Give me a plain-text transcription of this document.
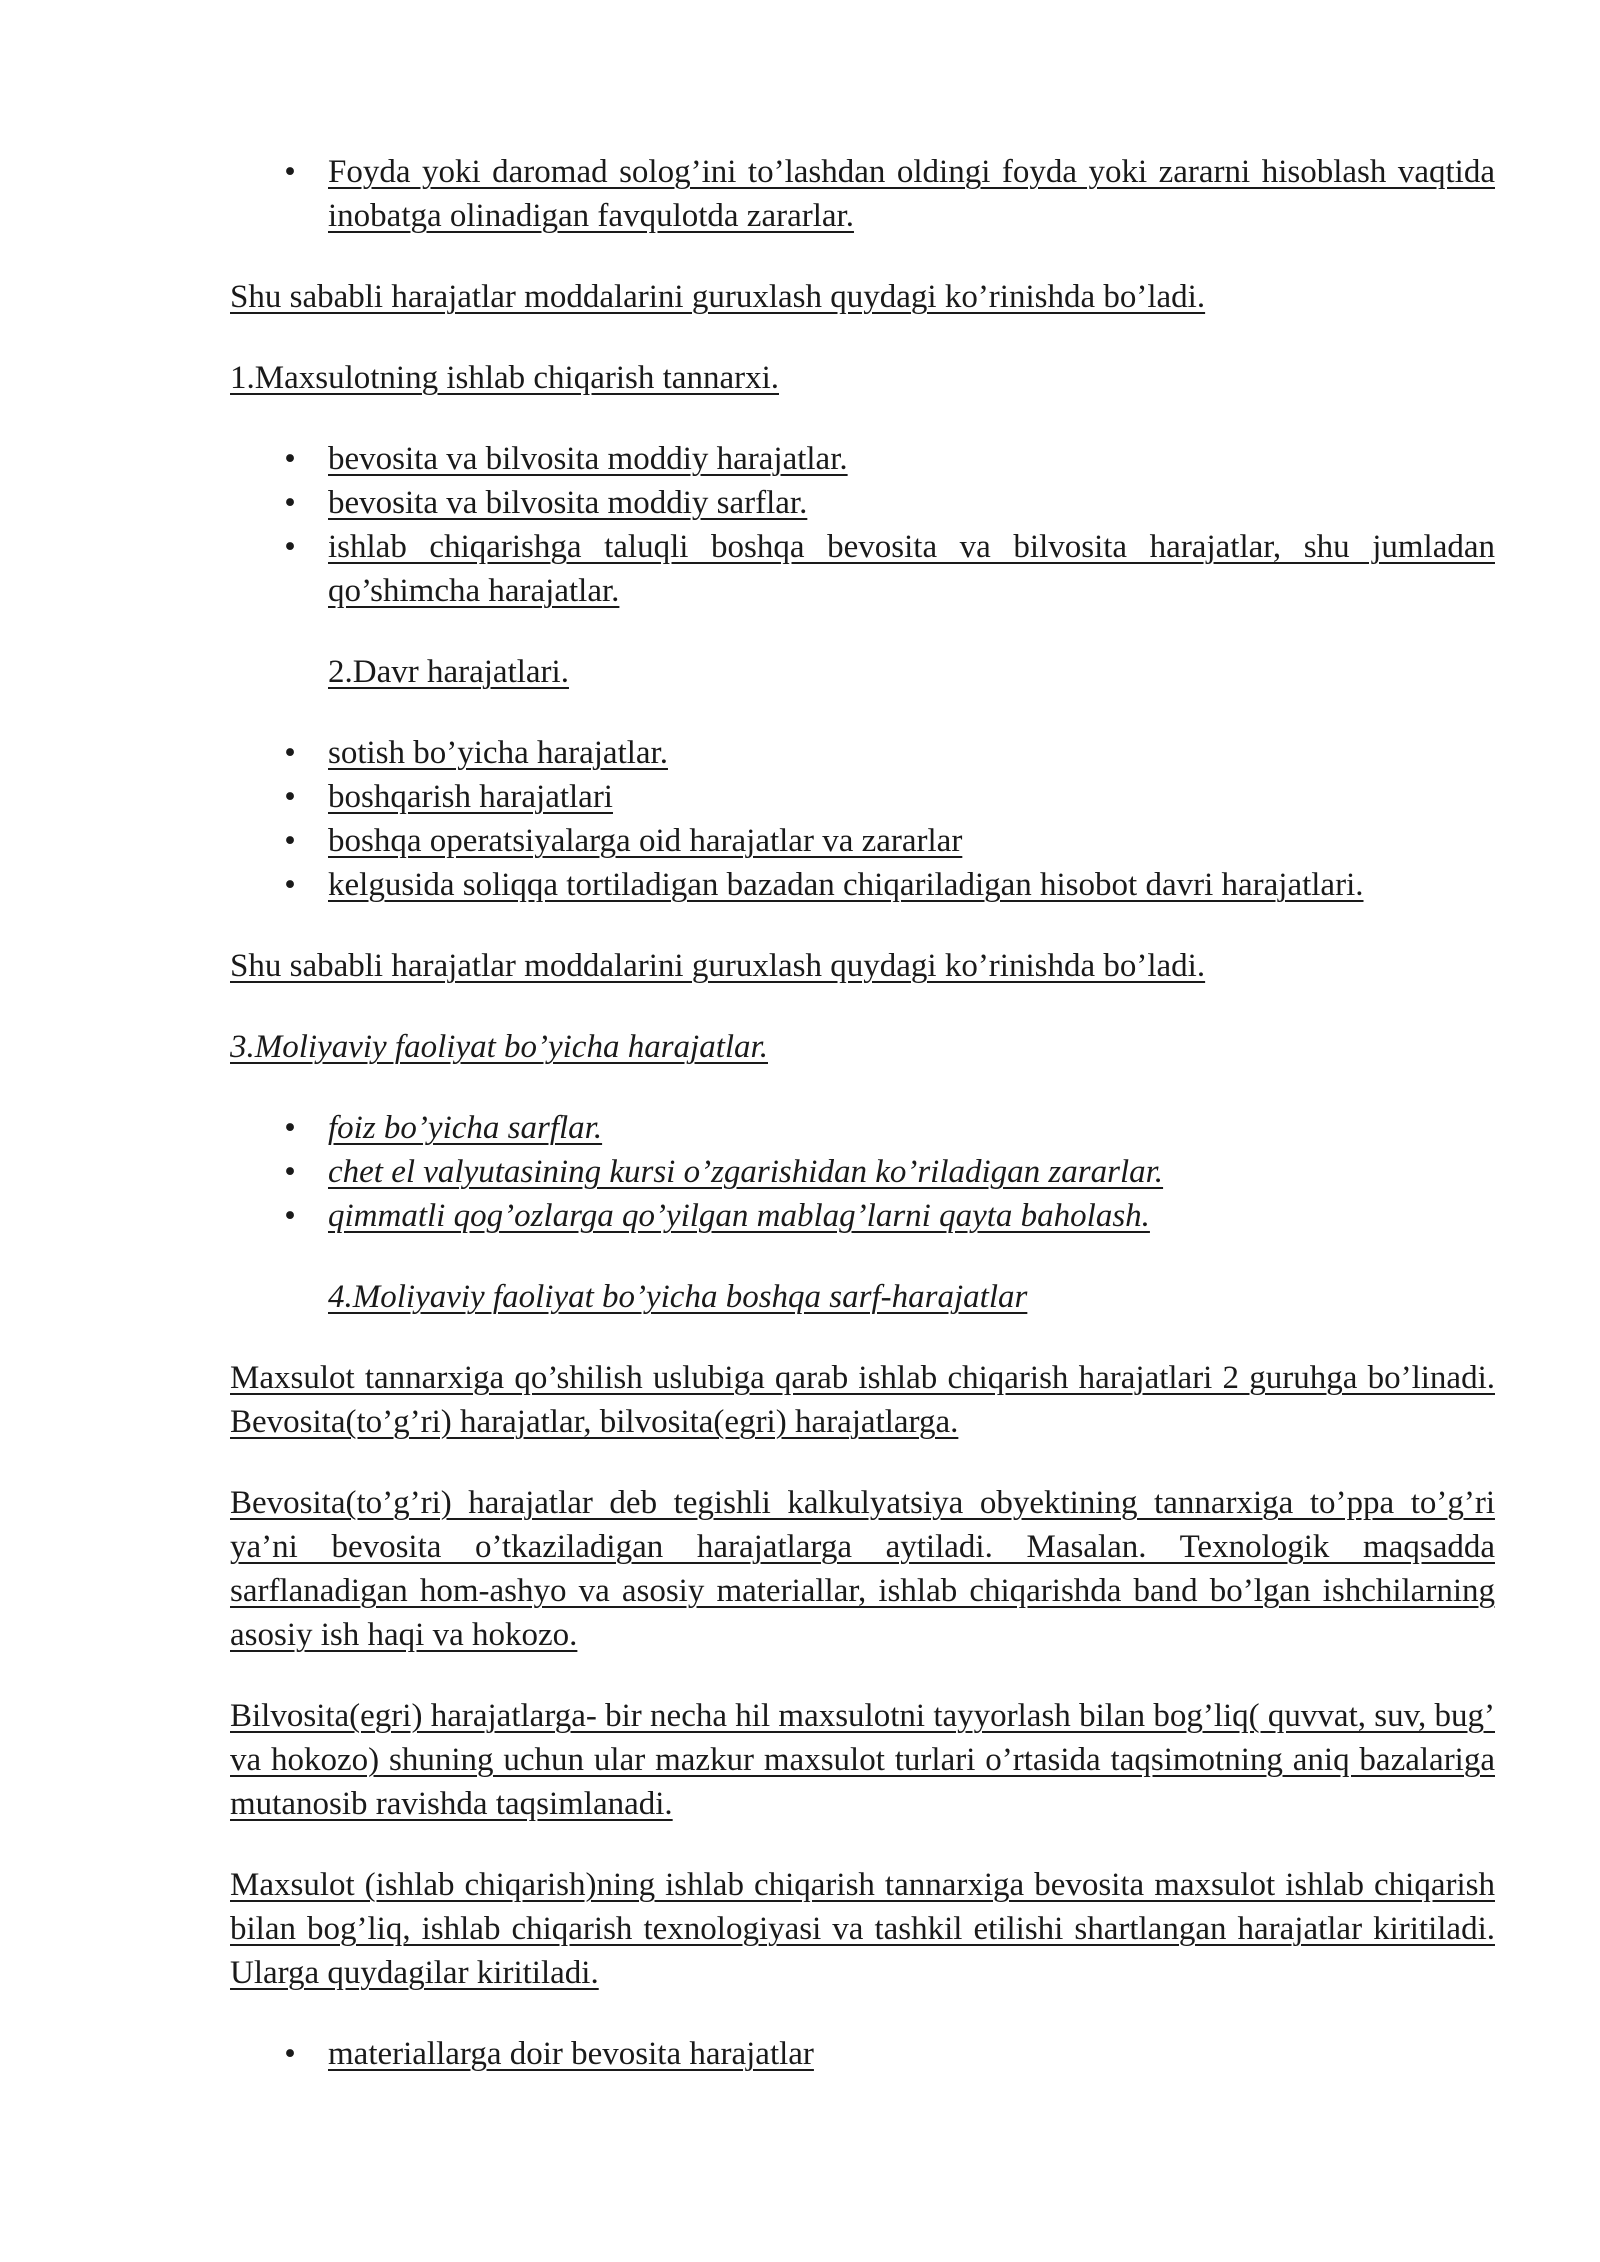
• Foyda yoki daromad solog’ini to’lashdan oldingi foyda yoki zararni hisoblash vaqtida inobatga olinadigan favqulotda zararlar.

Shu sababli harajatlar moddalarini guruxlash quydagi ko’rinishda bo’ladi.

1.Maxsulotning ishlab chiqarish tannarxi.

• bevosita va bilvosita moddiy harajatlar.
• bevosita va bilvosita moddiy sarflar.
• ishlab chiqarishga taluqli boshqa bevosita va bilvosita harajatlar, shu jumladan qo’shimcha harajatlar.

2.Davr harajatlari.

• sotish bo’yicha harajatlar.
• boshqarish harajatlari
• boshqa operatsiyalarga oid harajatlar va zararlar
• kelgusida soliqqa tortiladigan bazadan chiqariladigan hisobot davri harajatlari.

Shu sababli harajatlar moddalarini guruxlash quydagi ko’rinishda bo’ladi.

3.Moliyaviy faoliyat bo’yicha harajatlar.

• foiz bo’yicha sarflar.
• chet el valyutasining kursi o’zgarishidan ko’riladigan zararlar.
• qimmatli qog’ozlarga qo’yilgan mablag’larni qayta baholash.

4.Moliyaviy faoliyat bo’yicha boshqa sarf-harajatlar

Maxsulot tannarxiga qo’shilish uslubiga qarab ishlab chiqarish harajatlari 2 guruhga bo’linadi. Bevosita(to’g’ri) harajatlar, bilvosita(egri) harajatlarga.

Bevosita(to’g’ri) harajatlar deb tegishli kalkulyatsiya obyektining tannarxiga to’ppa to’g’ri ya’ni bevosita o’tkaziladigan harajatlarga aytiladi. Masalan. Texnologik maqsadda sarflanadigan hom-ashyo va asosiy materiallar, ishlab chiqarishda band bo’lgan ishchilarning asosiy ish haqi va hokozo.

Bilvosita(egri) harajatlarga- bir necha hil maxsulotni tayyorlash bilan bog’liq( quvvat, suv, bug’ va hokozo) shuning uchun ular mazkur maxsulot turlari o’rtasida taqsimotning aniq bazalariga mutanosib ravishda taqsimlanadi.

Maxsulot (ishlab chiqarish)ning ishlab chiqarish tannarxiga bevosita maxsulot ishlab chiqarish bilan bog’liq, ishlab chiqarish texnologiyasi va tashkil etilishi shartlangan harajatlar kiritiladi. Ularga quydagilar kiritiladi.

• materiallarga doir bevosita harajatlar
